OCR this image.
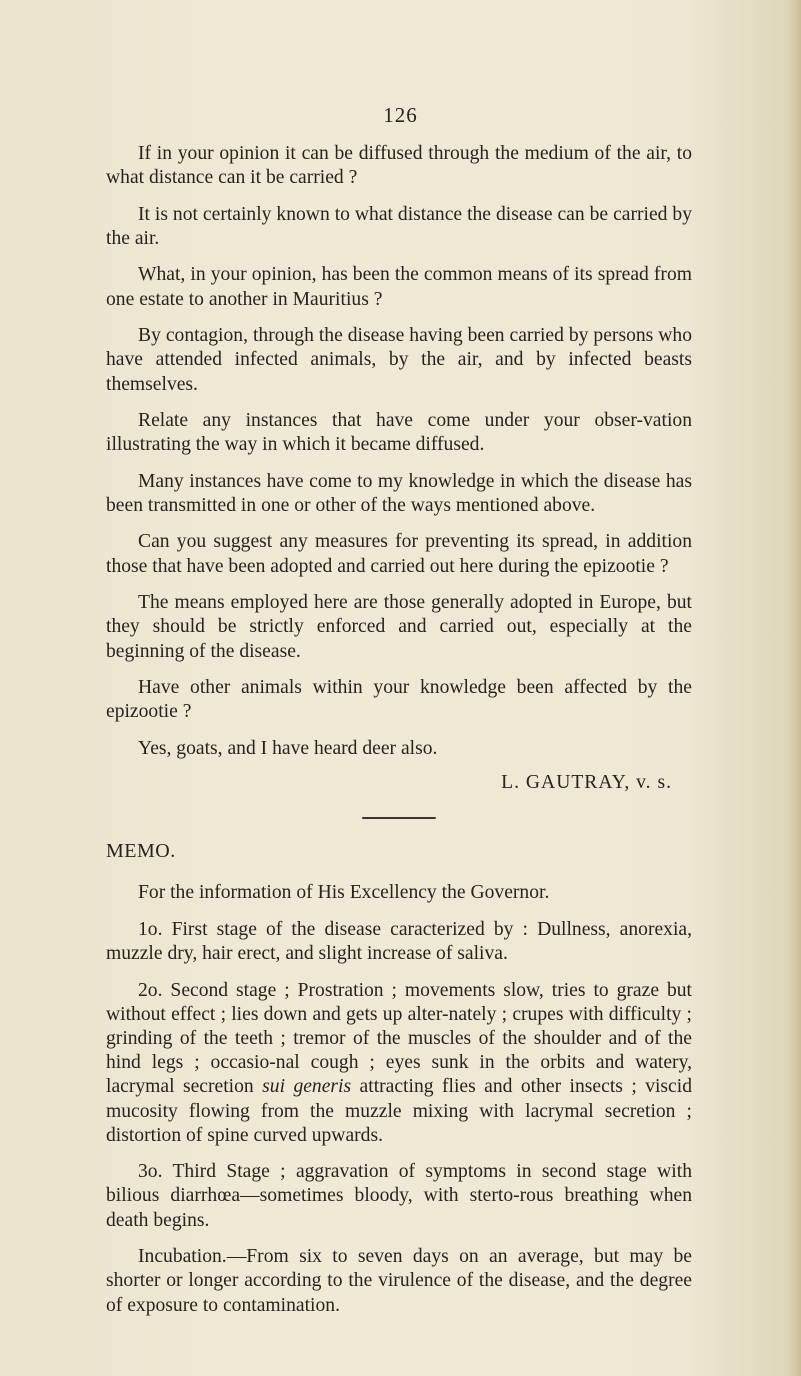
126

If in your opinion it can be diffused through the medium of the air, to what distance can it be carried ?

It is not certainly known to what distance the disease can be carried by the air.

What, in your opinion, has been the common means of its spread from one estate to another in Mauritius ?

By contagion, through the disease having been carried by persons who have attended infected animals, by the air, and by infected beasts themselves.

Relate any instances that have come under your obser-vation illustrating the way in which it became diffused.

Many instances have come to my knowledge in which the disease has been transmitted in one or other of the ways mentioned above.

Can you suggest any measures for preventing its spread, in addition those that have been adopted and carried out here during the epizootie ?

The means employed here are those generally adopted in Europe, but they should be strictly enforced and carried out, especially at the beginning of the disease.

Have other animals within your knowledge been affected by the epizootie ?

Yes, goats, and I have heard deer also.

L. GAUTRAY, v. s.
MEMO.

For the information of His Excellency the Governor.

1o. First stage of the disease caracterized by : Dullness, anorexia, muzzle dry, hair erect, and slight increase of saliva.

2o. Second stage ; Prostration ; movements slow, tries to graze but without effect ; lies down and gets up alter-nately ; crupes with difficulty ; grinding of the teeth ; tremor of the muscles of the shoulder and of the hind legs ; occasio-nal cough ; eyes sunk in the orbits and watery, lacrymal secretion sui generis attracting flies and other insects ; viscid mucosity flowing from the muzzle mixing with lacrymal secretion ; distortion of spine curved upwards.

3o. Third Stage ; aggravation of symptoms in second stage with bilious diarrhœa—sometimes bloody, with sterto-rous breathing when death begins.

Incubation.—From six to seven days on an average, but may be shorter or longer according to the virulence of the disease, and the degree of exposure to contamination.
